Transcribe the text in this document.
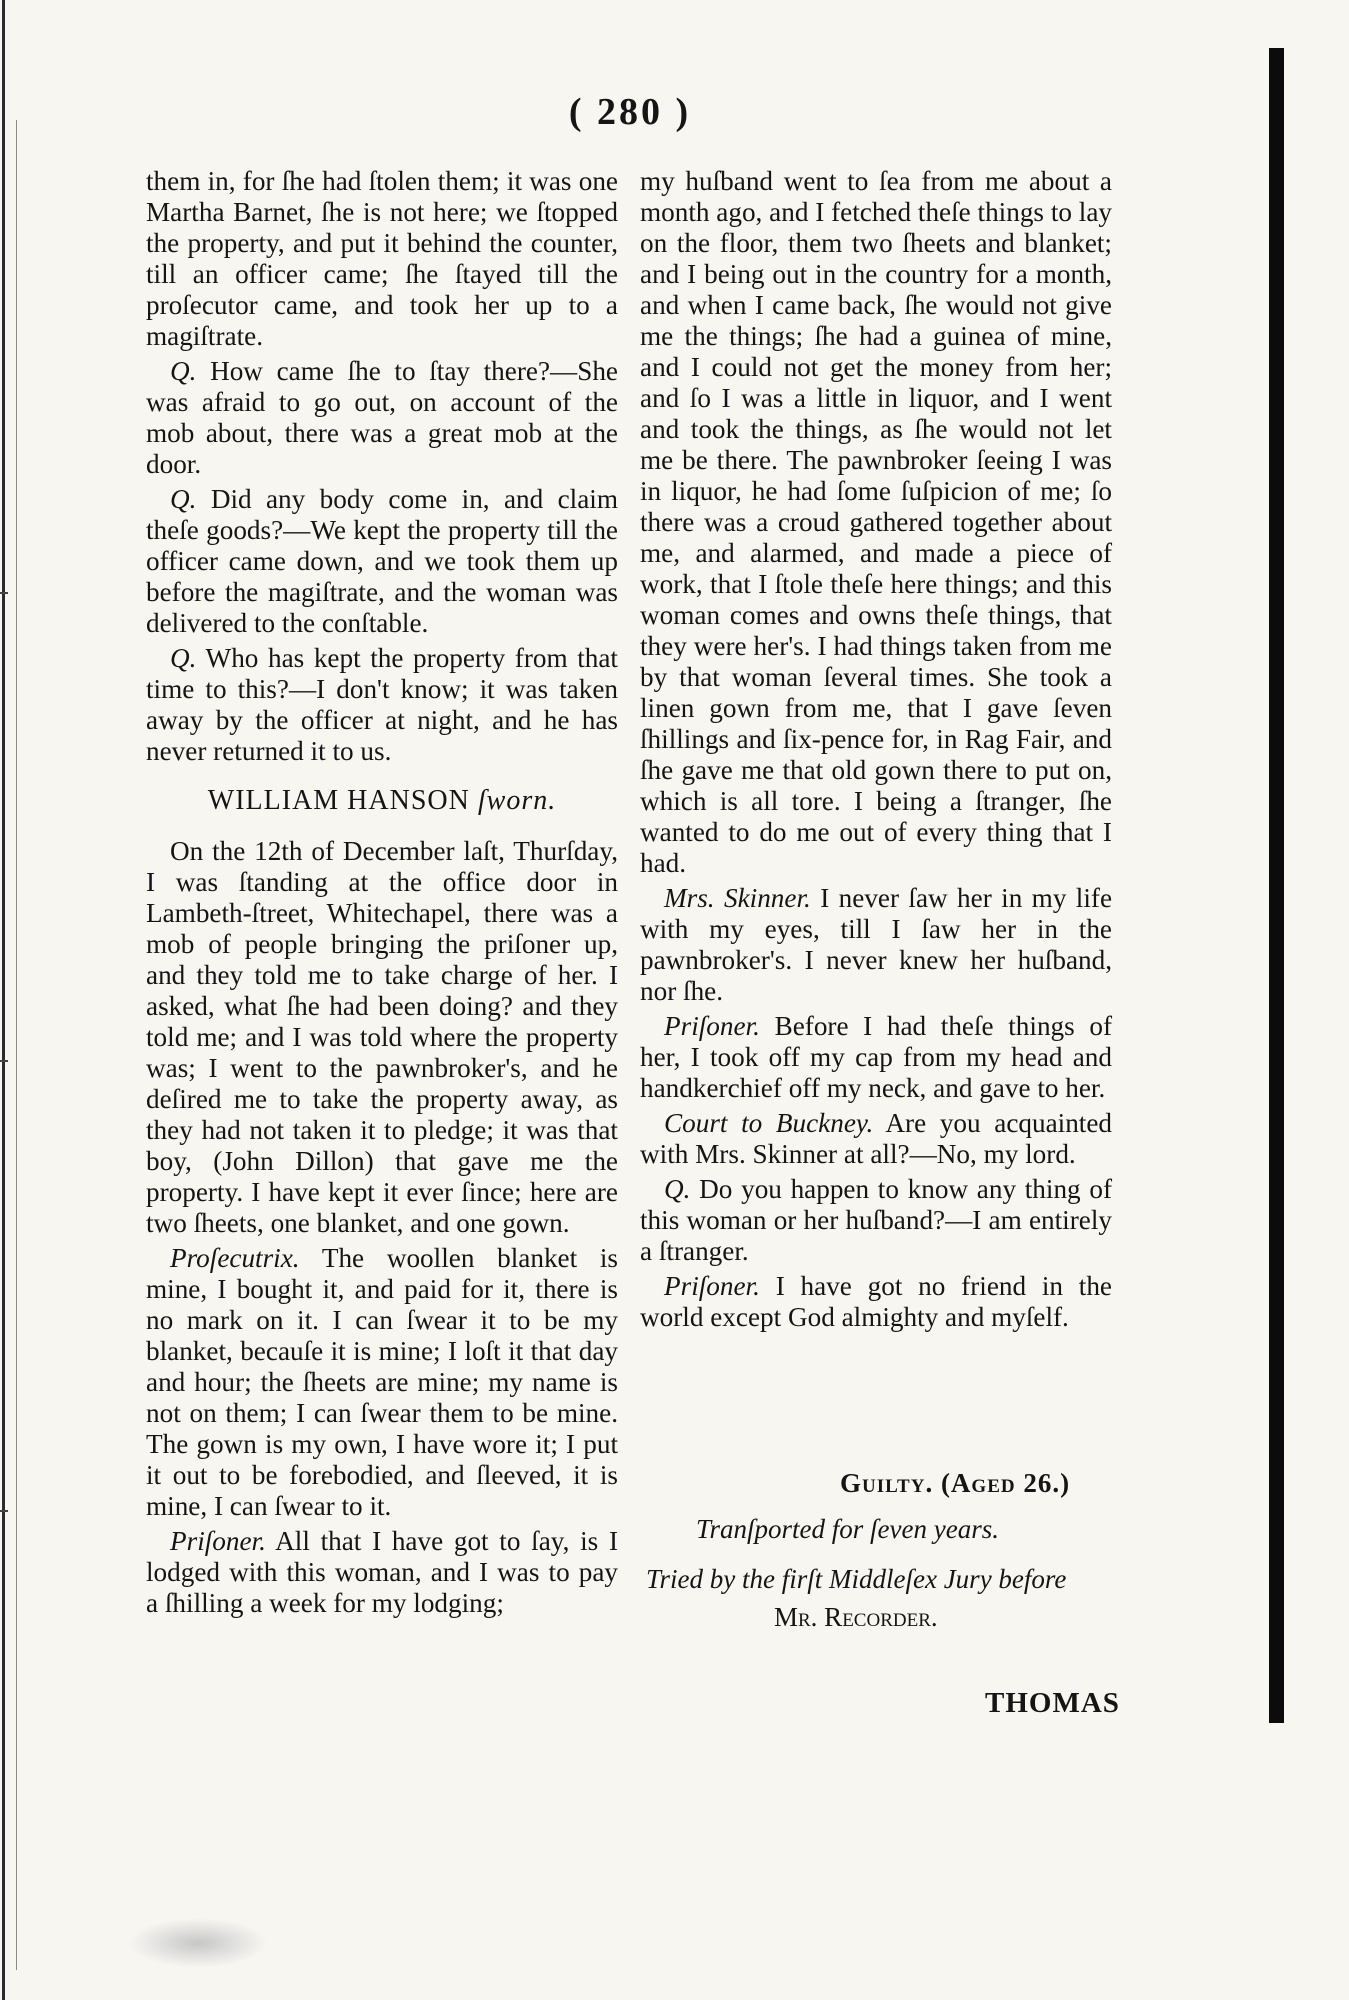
( 280 )

them in, for ſhe had ſtolen them; it was one Martha Barnet, ſhe is not here; we ſtopped the property, and put it behind the counter, till an officer came; ſhe ſtayed till the proſecutor came, and took her up to a magiſtrate.

Q. How came ſhe to ſtay there?—She was afraid to go out, on account of the mob about, there was a great mob at the door.

Q. Did any body come in, and claim theſe goods?—We kept the property till the officer came down, and we took them up before the magiſtrate, and the woman was delivered to the conſtable.

Q. Who has kept the property from that time to this?—I don't know; it was taken away by the officer at night, and he has never returned it to us.

WILLIAM HANSON ſworn.

On the 12th of December laſt, Thurſday, I was ſtanding at the office door in Lambeth-ſtreet, Whitechapel, there was a mob of people bringing the priſoner up, and they told me to take charge of her. I asked, what ſhe had been doing? and they told me; and I was told where the property was; I went to the pawnbroker's, and he deſired me to take the property away, as they had not taken it to pledge; it was that boy, (John Dillon) that gave me the property. I have kept it ever ſince; here are two ſheets, one blanket, and one gown.

Proſecutrix. The woollen blanket is mine, I bought it, and paid for it, there is no mark on it. I can ſwear it to be my blanket, becauſe it is mine; I loſt it that day and hour; the ſheets are mine; my name is not on them; I can ſwear them to be mine. The gown is my own, I have wore it; I put it out to be forebodied, and ſleeved, it is mine, I can ſwear to it.

Priſoner. All that I have got to ſay, is I lodged with this woman, and I was to pay a ſhilling a week for my lodging;

my huſband went to ſea from me about a month ago, and I fetched theſe things to lay on the floor, them two ſheets and blanket; and I being out in the country for a month, and when I came back, ſhe would not give me the things; ſhe had a guinea of mine, and I could not get the money from her; and ſo I was a little in liquor, and I went and took the things, as ſhe would not let me be there. The pawnbroker ſeeing I was in liquor, he had ſome ſuſpicion of me; ſo there was a croud gathered together about me, and alarmed, and made a piece of work, that I ſtole theſe here things; and this woman comes and owns theſe things, that they were her's. I had things taken from me by that woman ſeveral times. She took a linen gown from me, that I gave ſeven ſhillings and ſix-pence for, in Rag Fair, and ſhe gave me that old gown there to put on, which is all tore. I being a ſtranger, ſhe wanted to do me out of every thing that I had.

Mrs. Skinner. I never ſaw her in my life with my eyes, till I ſaw her in the pawnbroker's. I never knew her huſband, nor ſhe.

Priſoner. Before I had theſe things of her, I took off my cap from my head and handkerchief off my neck, and gave to her.

Court to Buckney. Are you acquainted with Mrs. Skinner at all?—No, my lord.

Q. Do you happen to know any thing of this woman or her huſband?—I am entirely a ſtranger.

Priſoner. I have got no friend in the world except God almighty and myſelf.

Guilty. (Aged 26.)
Tranſported for ſeven years.
Tried by the firſt Middleſex Jury before
Mr. Recorder.
THOMAS
